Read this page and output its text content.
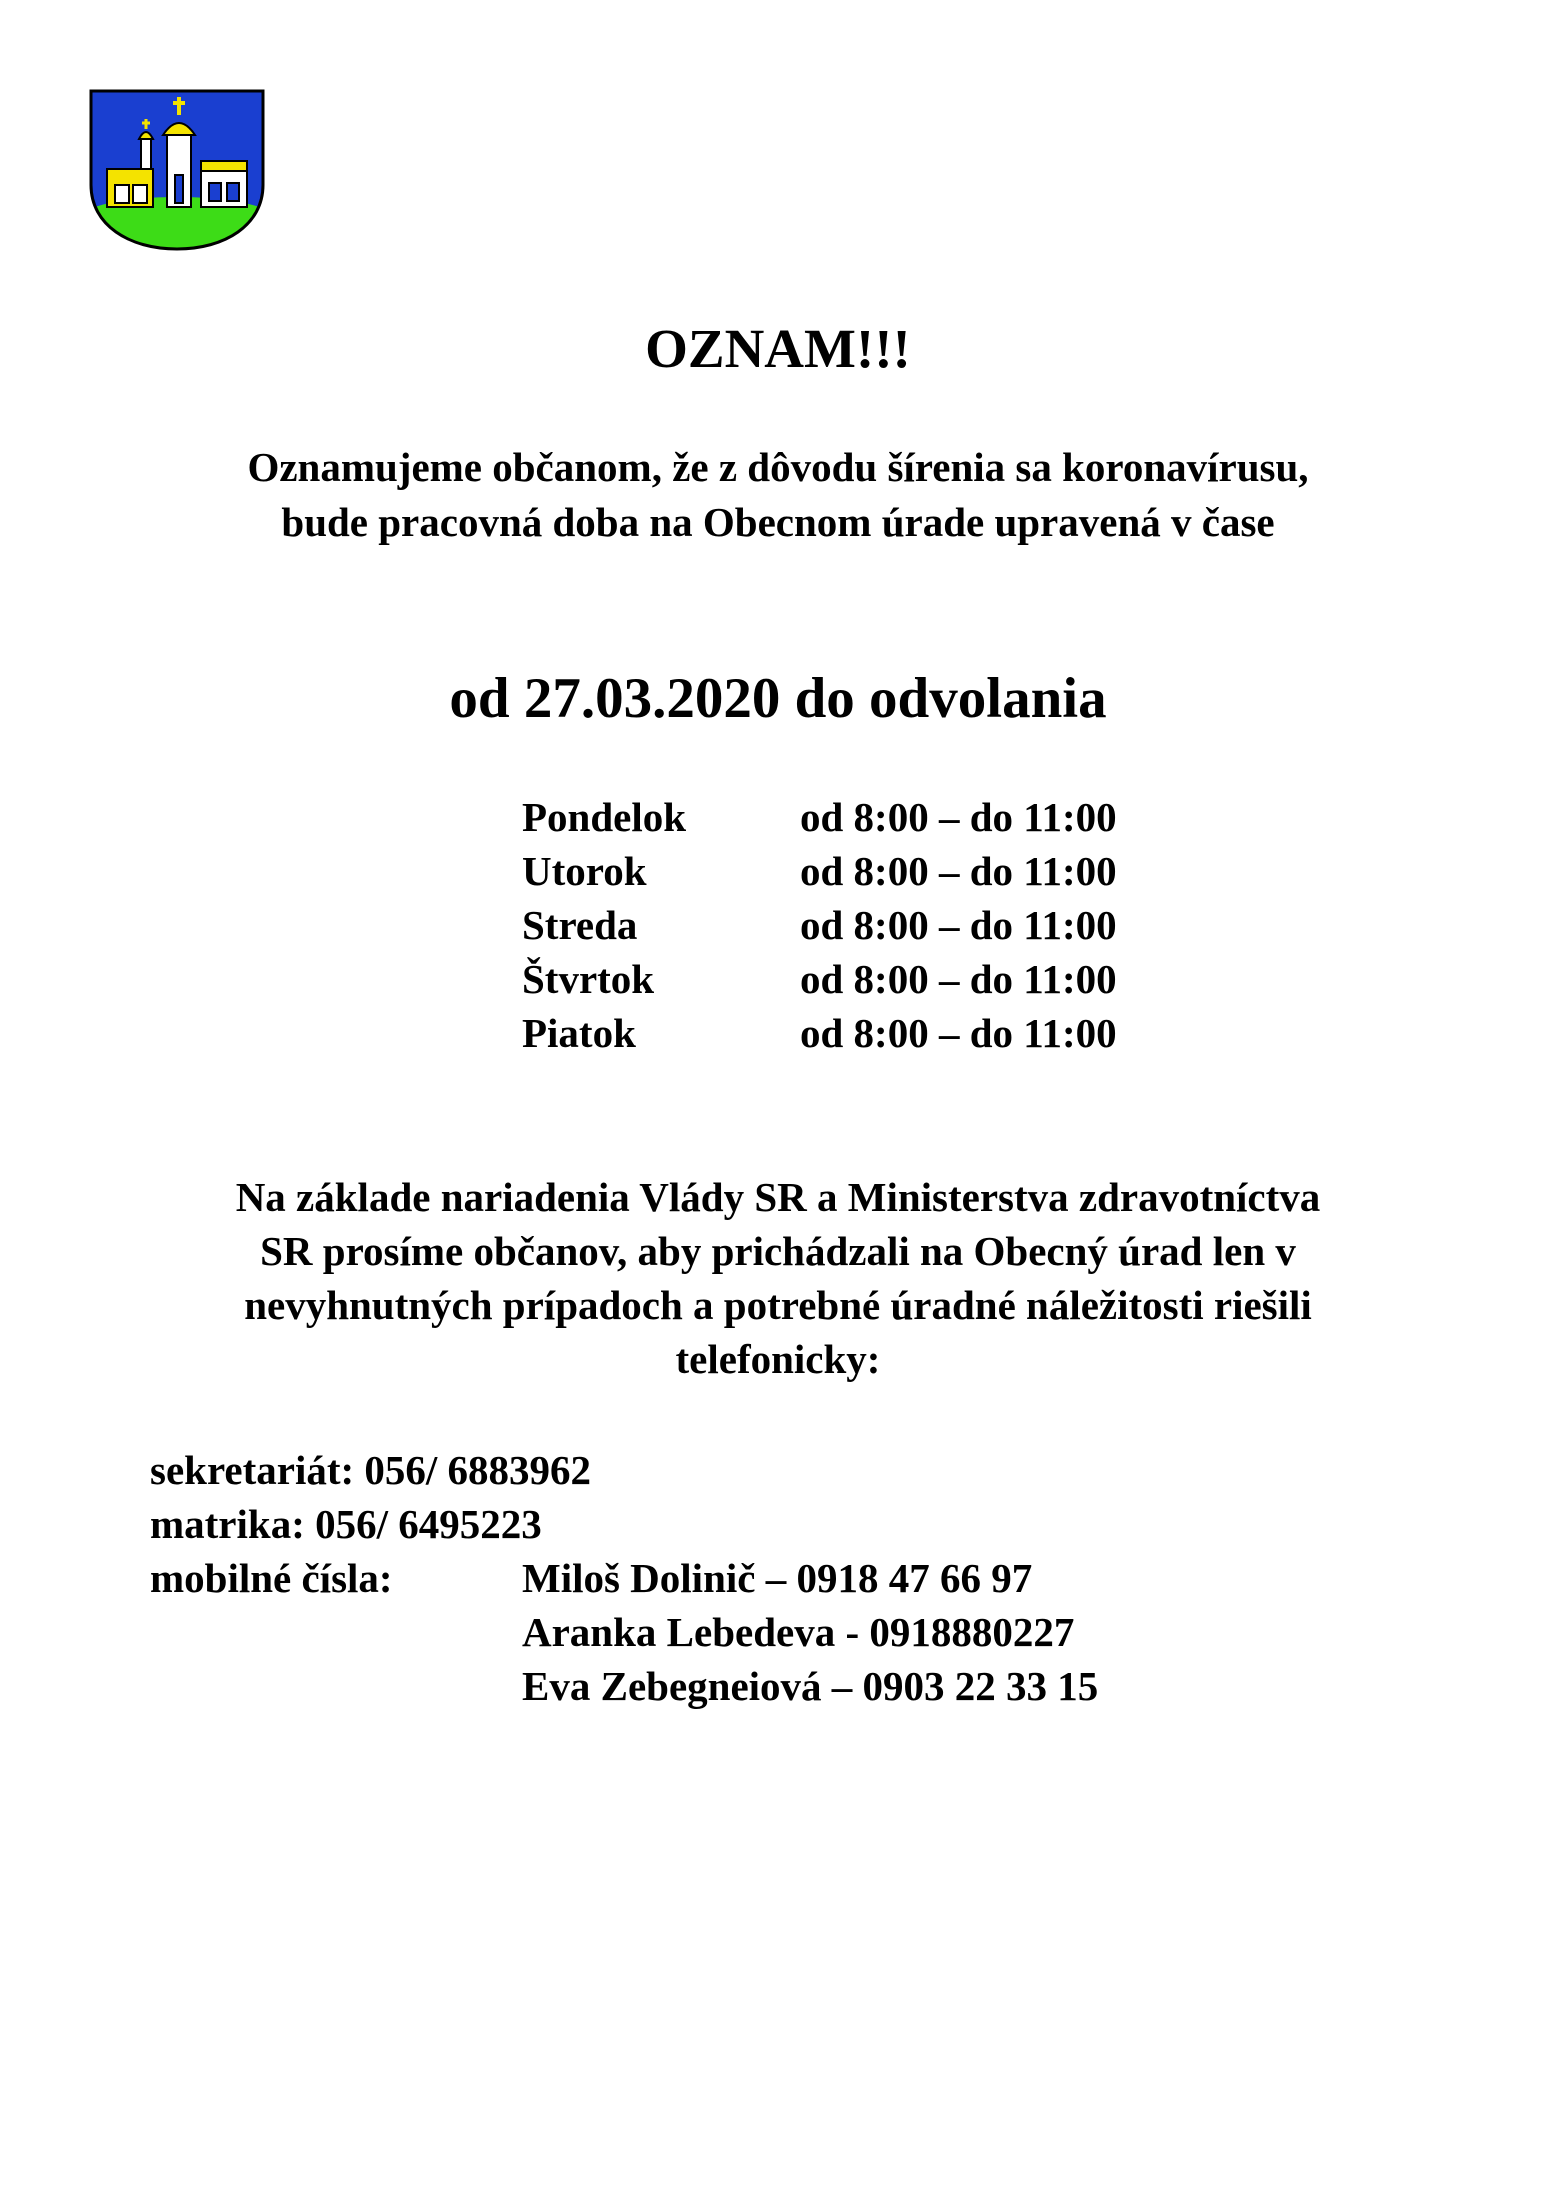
OZNAM!!!
Oznamujeme občanom, že z dôvodu šírenia sa koronavírusu,
bude pracovná doba na Obecnom úrade upravená v čase
od 27.03.2020 do odvolania
Pondelok	od 8:00 – do 11:00
Utorok	od 8:00 – do 11:00
Streda	od 8:00 – do 11:00
Štvrtok	od 8:00 – do 11:00
Piatok	od 8:00 – do 11:00
Na základe nariadenia Vlády SR a Ministerstva zdravotníctva
SR prosíme občanov, aby prichádzali na Obecný úrad len v
nevyhnutných prípadoch a potrebné úradné náležitosti riešili
telefonicky:
sekretariát: 056/ 6883962
matrika: 056/ 6495223
mobilné čísla:	Miloš Dolinič – 0918 47 66 97
Aranka Lebedeva - 0918880227
Eva Zebegneiová – 0903 22 33 15
